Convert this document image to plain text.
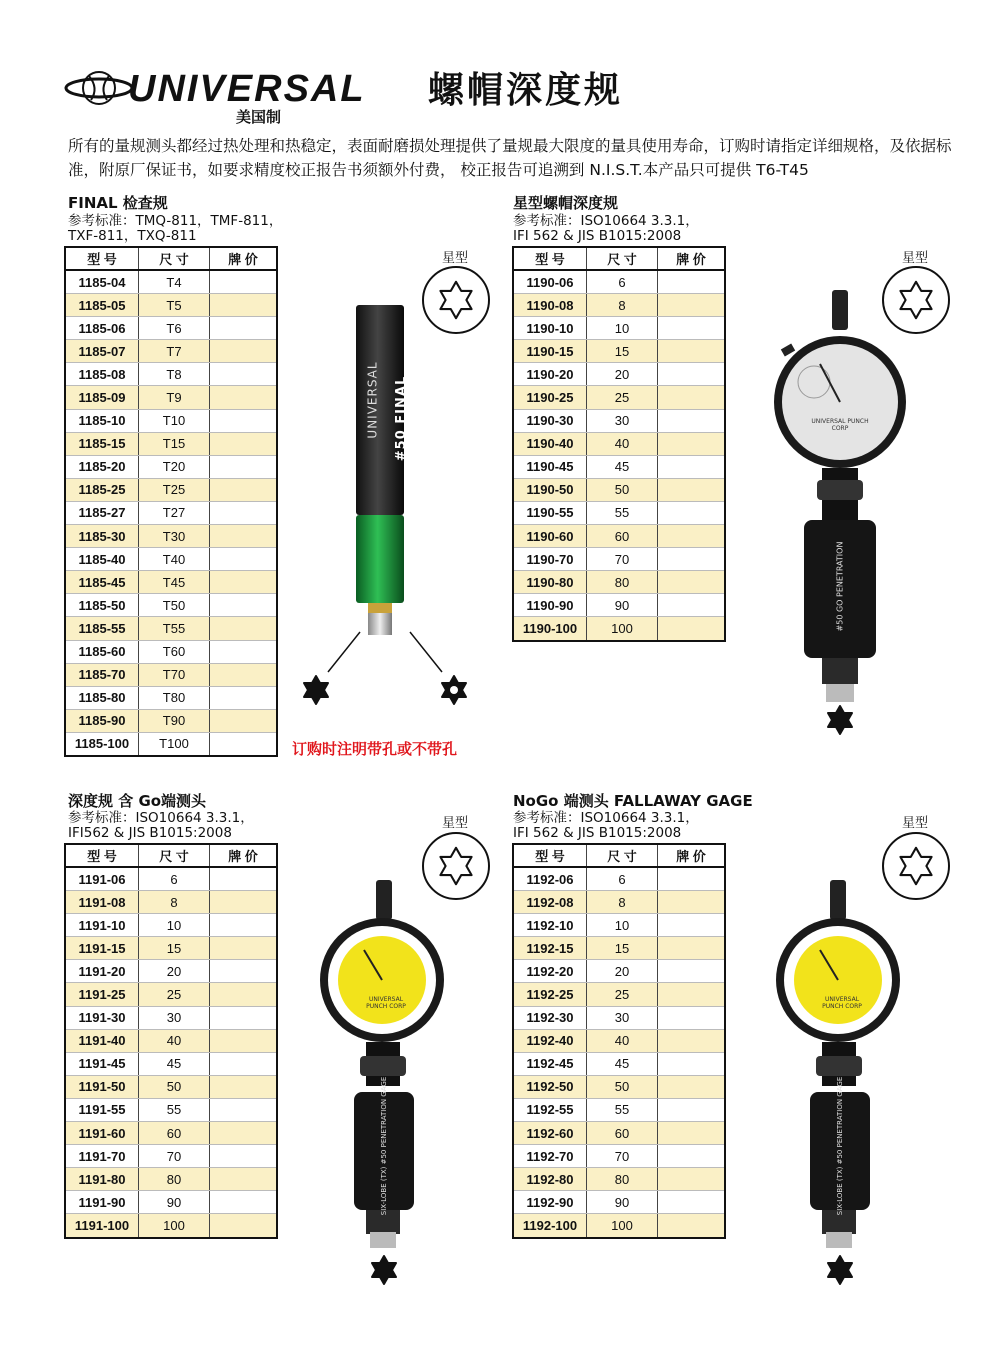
UNIVERSAL
美国制
螺帽深度规
所有的量规测头都经过热处理和热稳定，表面耐磨损处理提供了量规最大限度的量具使用寿命，订购时请指定详细规格，及依据标准，附原厂保证书，如要求精度校正报告书须额外付费， 校正报告可追溯到 N.I.S.T.本产品只可提供 T6-T45
FINAL 检查规
参考标准：TMQ-811，TMF-811，
TXF-811，TXQ-811
型 号	尺 寸	牌 价
1185-04	T4	
1185-05	T5	
1185-06	T6	
1185-07	T7	
1185-08	T8	
1185-09	T9	
1185-10	T10	
1185-15	T15	
1185-20	T20	
1185-25	T25	
1185-27	T27	
1185-30	T30	
1185-40	T40	
1185-45	T45	
1185-50	T50	
1185-55	T55	
1185-60	T60	
1185-70	T70	
1185-80	T80	
1185-90	T90	
1185-100	T100	
星型
UNIVERSAL #50 FINAL
订购时注明带孔或不带孔
星型螺帽深度规
参考标准：ISO10664 3.3.1，
IFI 562 & JIS B1015:2008
型 号	尺 寸	牌 价
1190-06	6	
1190-08	8	
1190-10	10	
1190-15	15	
1190-20	20	
1190-25	25	
1190-30	30	
1190-40	40	
1190-45	45	
1190-50	50	
1190-55	55	
1190-60	60	
1190-70	70	
1190-80	80	
1190-90	90	
1190-100	100	
星型
UNIVERSAL PUNCH CORP
#50 GO PENETRATION
深度规 含 Go端测头
参考标准：ISO10664 3.3.1，
IFI562 & JIS B1015:2008
型 号	尺 寸	牌 价
1191-06	6	
1191-08	8	
1191-10	10	
1191-15	15	
1191-20	20	
1191-25	25	
1191-30	30	
1191-40	40	
1191-45	45	
1191-50	50	
1191-55	55	
1191-60	60	
1191-70	70	
1191-80	80	
1191-90	90	
1191-100	100	
星型
UNIVERSAL PUNCH CORP
SIX-LOBE (TX) #50 PENETRATION GAGE
NoGo 端测头 FALLAWAY GAGE
参考标准：ISO10664 3.3.1，
IFI 562 & JIS B1015:2008
型 号	尺 寸	牌 价
1192-06	6	
1192-08	8	
1192-10	10	
1192-15	15	
1192-20	20	
1192-25	25	
1192-30	30	
1192-40	40	
1192-45	45	
1192-50	50	
1192-55	55	
1192-60	60	
1192-70	70	
1192-80	80	
1192-90	90	
1192-100	100	
星型
UNIVERSAL PUNCH CORP
SIX-LOBE (TX) #50 PENETRATION GAGE
